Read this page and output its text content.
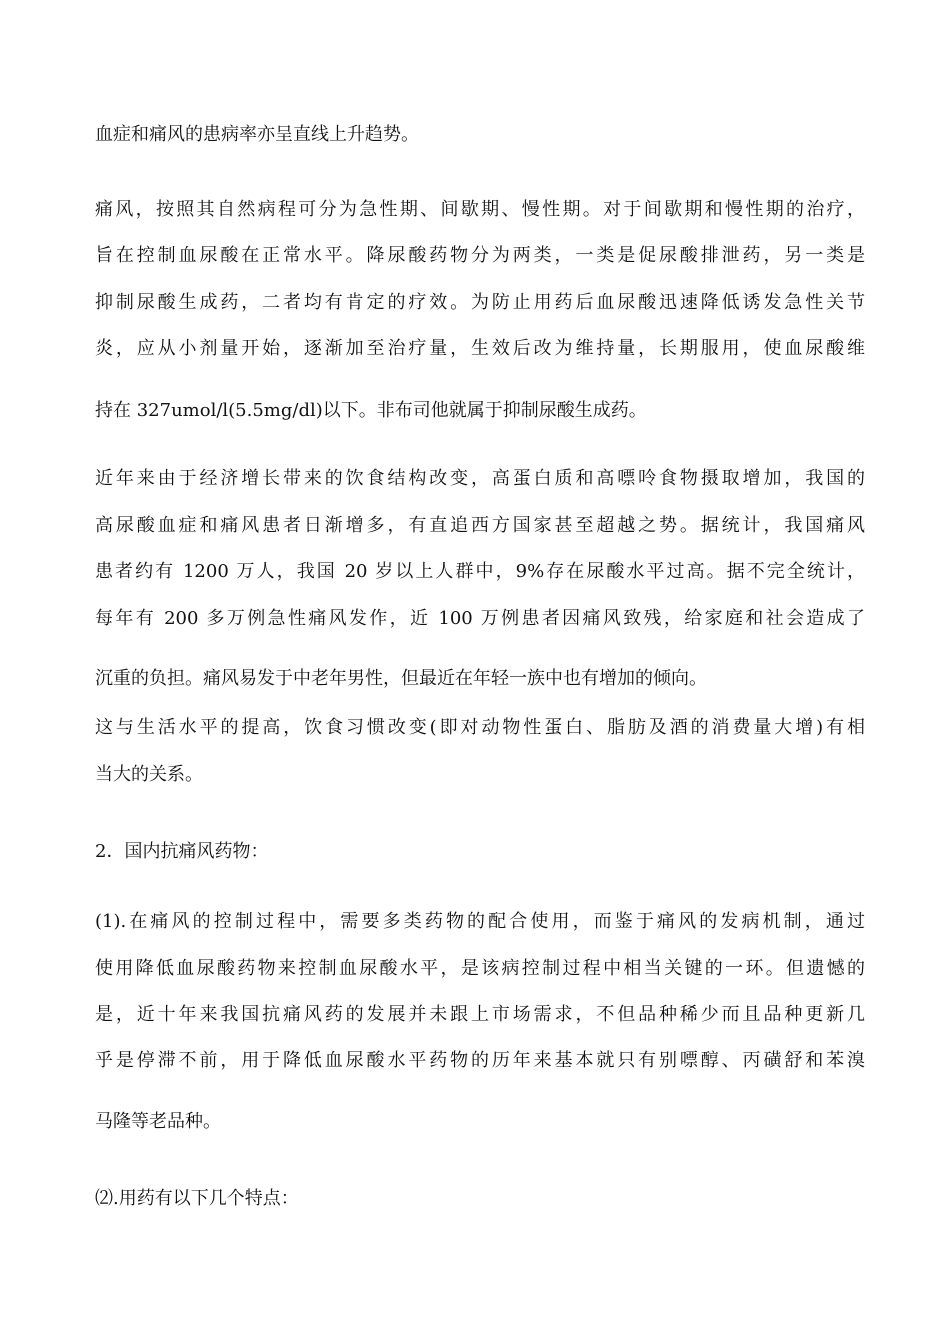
血症和痛风的患病率亦呈直线上升趋势。
痛风，按照其自然病程可分为急性期、间歇期、慢性期。对于间歇期和慢性期的治疗，
旨在控制血尿酸在正常水平。降尿酸药物分为两类，一类是促尿酸排泄药，另一类是
抑制尿酸生成药，二者均有肯定的疗效。为防止用药后血尿酸迅速降低诱发急性关节
炎，应从小剂量开始，逐渐加至治疗量，生效后改为维持量，长期服用，使血尿酸维
持在 327umol/l(5.5mg/dl)以下。非布司他就属于抑制尿酸生成药。
近年来由于经济增长带来的饮食结构改变，高蛋白质和高嘌呤食物摄取增加，我国的
高尿酸血症和痛风患者日渐增多，有直追西方国家甚至超越之势。据统计，我国痛风
患者约有 1200 万人，我国 20 岁以上人群中，9%存在尿酸水平过高。据不完全统计，
每年有 200 多万例急性痛风发作，近 100 万例患者因痛风致残，给家庭和社会造成了
沉重的负担。痛风易发于中老年男性，但最近在年轻一族中也有增加的倾向。
这与生活水平的提高，饮食习惯改变(即对动物性蛋白、脂肪及酒的消费量大增)有相
当大的关系。
2．国内抗痛风药物：
(1).在痛风的控制过程中，需要多类药物的配合使用，而鉴于痛风的发病机制，通过
使用降低血尿酸药物来控制血尿酸水平，是该病控制过程中相当关键的一环。但遗憾的
是，近十年来我国抗痛风药的发展并未跟上市场需求，不但品种稀少而且品种更新几
乎是停滞不前，用于降低血尿酸水平药物的历年来基本就只有别嘌醇、丙磺舒和苯溴
马隆等老品种。
⑵.用药有以下几个特点：
